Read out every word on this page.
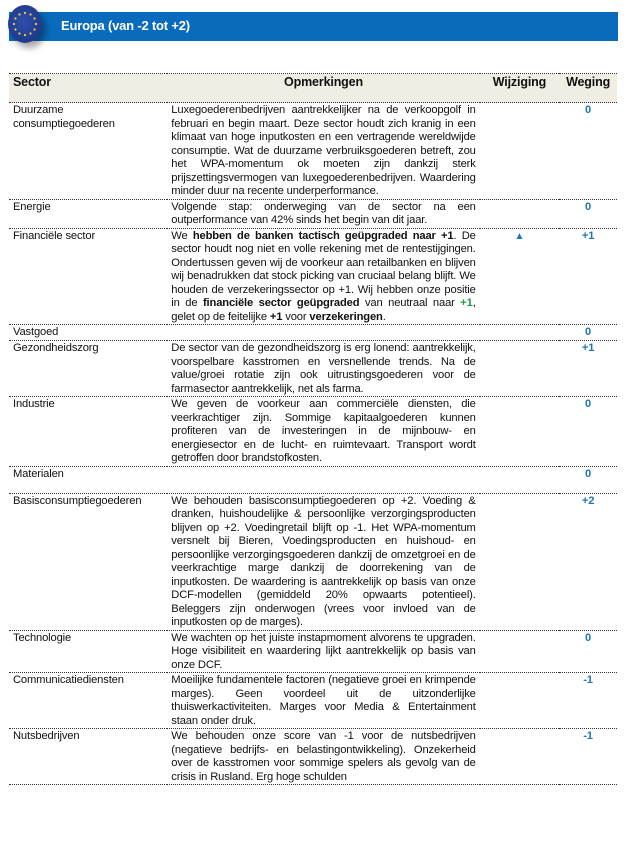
Europa (van -2 tot +2)
Sector	Opmerkingen	Wijziging	Weging
Duurzame consumptiegoederen	Luxegoederenbedrijven aantrekkelijker na de verkoopgolf in februari en begin maart. Deze sector houdt zich kranig in een klimaat van hoge inputkosten en een vertragende wereldwijde consumptie. Wat de duurzame verbruiksgoederen betreft, zou het WPA-momentum ok moeten zijn dankzij sterk prijszettingsvermogen van luxegoederenbedrijven. Waardering minder duur na recente underperformance.		0
Energie	Volgende stap: onderweging van de sector na een outperformance van 42% sinds het begin van dit jaar.		0
Financiële sector	We hebben de banken tactisch geüpgraded naar +1. De sector houdt nog niet en volle rekening met de rentestijgingen. Ondertussen geven wij de voorkeur aan retailbanken en blijven wij benadrukken dat stock picking van cruciaal belang blijft. We houden de verzekeringssector op +1. Wij hebben onze positie in de financiële sector geüpgraded van neutraal naar +1, gelet op de feitelijke +1 voor verzekeringen.	▲	+1
Vastgoed			0
Gezondheidszorg	De sector van de gezondheidszorg is erg lonend: aantrekkelijk, voorspelbare kasstromen en versnellende trends. Na de value/groei rotatie zijn ook uitrustingsgoederen voor de farmasector aantrekkelijk, net als farma.		+1
Industrie	We geven de voorkeur aan commerciële diensten, die veerkrachtiger zijn. Sommige kapitaalgoederen kunnen profiteren van de investeringen in de mijnbouw- en energiesector en de lucht- en ruimtevaart. Transport wordt getroffen door brandstofkosten.		0
Materialen			0
Basisconsumptiegoederen	We behouden basisconsumptiegoederen op +2. Voeding & dranken, huishoudelijke & persoonlijke verzorgingsproducten blijven op +2. Voedingretail blijft op -1. Het WPA-momentum versnelt bij Bieren, Voedingsproducten en huishoud- en persoonlijke verzorgingsgoederen dankzij de omzetgroei en de veerkrachtige marge dankzij de doorrekening van de inputkosten. De waardering is aantrekkelijk op basis van onze DCF-modellen (gemiddeld 20% opwaarts potentieel). Beleggers zijn onderwogen (vrees voor invloed van de inputkosten op de marges).		+2
Technologie	We wachten op het juiste instapmoment alvorens te upgraden. Hoge visibiliteit en waardering lijkt aantrekkelijk op basis van onze DCF.		0
Communicatiediensten	Moeilijke fundamentele factoren (negatieve groei en krimpende marges). Geen voordeel uit de uitzonderlijke thuiswerkactiviteiten. Marges voor Media & Entertainment staan onder druk.		-1
Nutsbedrijven	We behouden onze score van -1 voor de nutsbedrijven (negatieve bedrijfs- en belastingontwikkeling). Onzekerheid over de kasstromen voor sommige spelers als gevolg van de crisis in Rusland. Erg hoge schulden		-1
